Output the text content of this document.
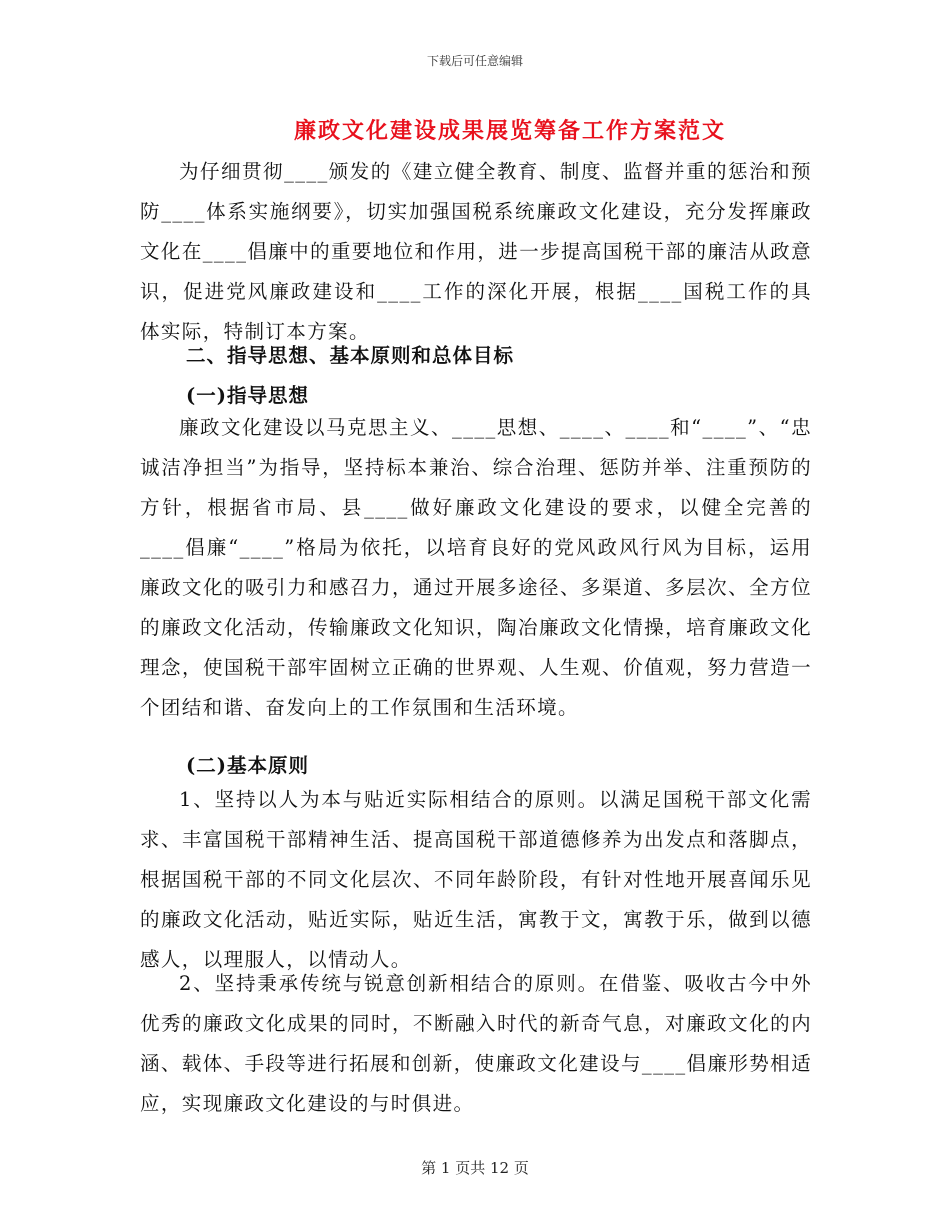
下载后可任意编辑
廉政文化建设成果展览筹备工作方案范文

为仔细贯彻____颁发的《建立健全教育、制度、监督并重的惩治和预防____体系实施纲要》，切实加强国税系统廉政文化建设，充分发挥廉政文化在____倡廉中的重要地位和作用，进一步提高国税干部的廉洁从政意识，促进党风廉政建设和____工作的深化开展，根据____国税工作的具体实际，特制订本方案。

二、指导思想、基本原则和总体目标

(一)指导思想

廉政文化建设以马克思主义、____思想、____、____和“____”、“忠诚洁净担当”为指导，坚持标本兼治、综合治理、惩防并举、注重预防的方针，根据省市局、县____做好廉政文化建设的要求，以健全完善的____倡廉“____”格局为依托，以培育良好的党风政风行风为目标，运用廉政文化的吸引力和感召力，通过开展多途径、多渠道、多层次、全方位的廉政文化活动，传输廉政文化知识，陶冶廉政文化情操，培育廉政文化理念，使国税干部牢固树立正确的世界观、人生观、价值观，努力营造一个团结和谐、奋发向上的工作氛围和生活环境。

(二)基本原则

1、坚持以人为本与贴近实际相结合的原则。以满足国税干部文化需求、丰富国税干部精神生活、提高国税干部道德修养为出发点和落脚点，根据国税干部的不同文化层次、不同年龄阶段，有针对性地开展喜闻乐见的廉政文化活动，贴近实际，贴近生活，寓教于文，寓教于乐，做到以德感人，以理服人，以情动人。

2、坚持秉承传统与锐意创新相结合的原则。在借鉴、吸收古今中外优秀的廉政文化成果的同时，不断融入时代的新奇气息，对廉政文化的内涵、载体、手段等进行拓展和创新，使廉政文化建设与____倡廉形势相适应，实现廉政文化建设的与时俱进。

第 1 页共 12 页
